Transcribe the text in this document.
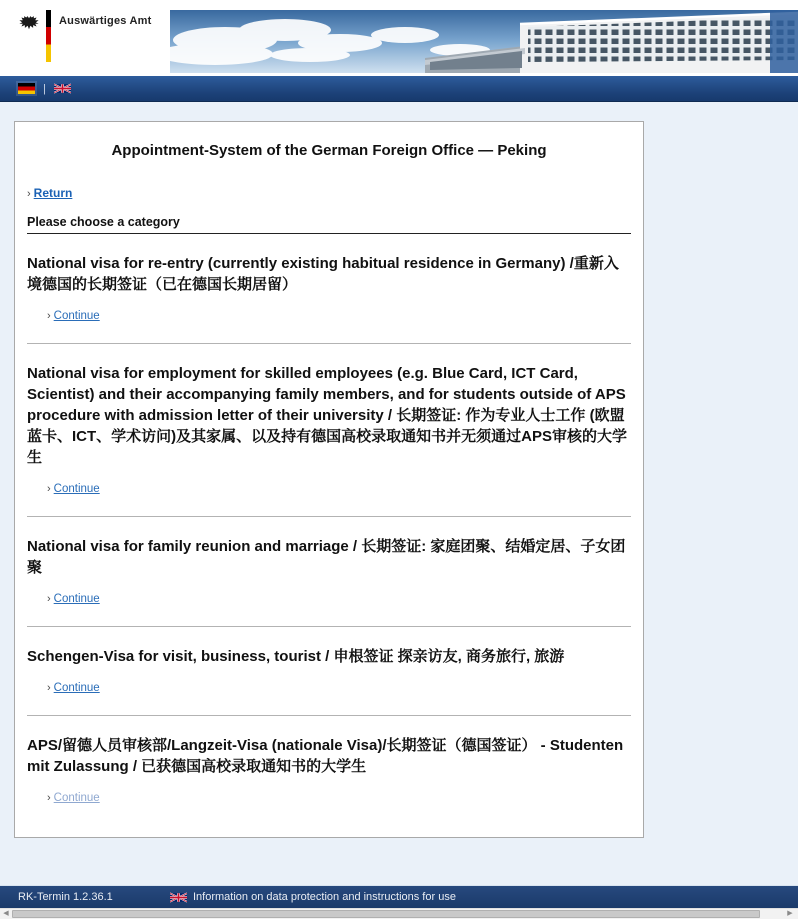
Auswärtiges Amt
|
Appointment-System of the German Foreign Office — Peking
› Return
Please choose a category
National visa for re-entry (currently existing habitual residence in Germany) /重新入境德国的长期签证（已在德国长期居留）
› Continue
National visa for employment for skilled employees (e.g. Blue Card, ICT Card, Scientist) and their accompanying family members, and for students outside of APS procedure with admission letter of their university / 长期签证: 作为专业人士工作 (欧盟蓝卡、ICT、学术访问)及其家属、以及持有德国高校录取通知书并无须通过APS审核的大学生
› Continue
National visa for family reunion and marriage / 长期签证: 家庭团聚、结婚定居、子女团聚
› Continue
Schengen-Visa for visit, business, tourist / 申根签证 探亲访友, 商务旅行, 旅游
› Continue
APS/留德人员审核部/Langzeit-Visa (nationale Visa)/长期签证（德国签证） - Studenten mit Zulassung / 已获德国高校录取通知书的大学生
› Continue
RK-Termin 1.2.36.1	Information on data protection and instructions for use
◀	▶
